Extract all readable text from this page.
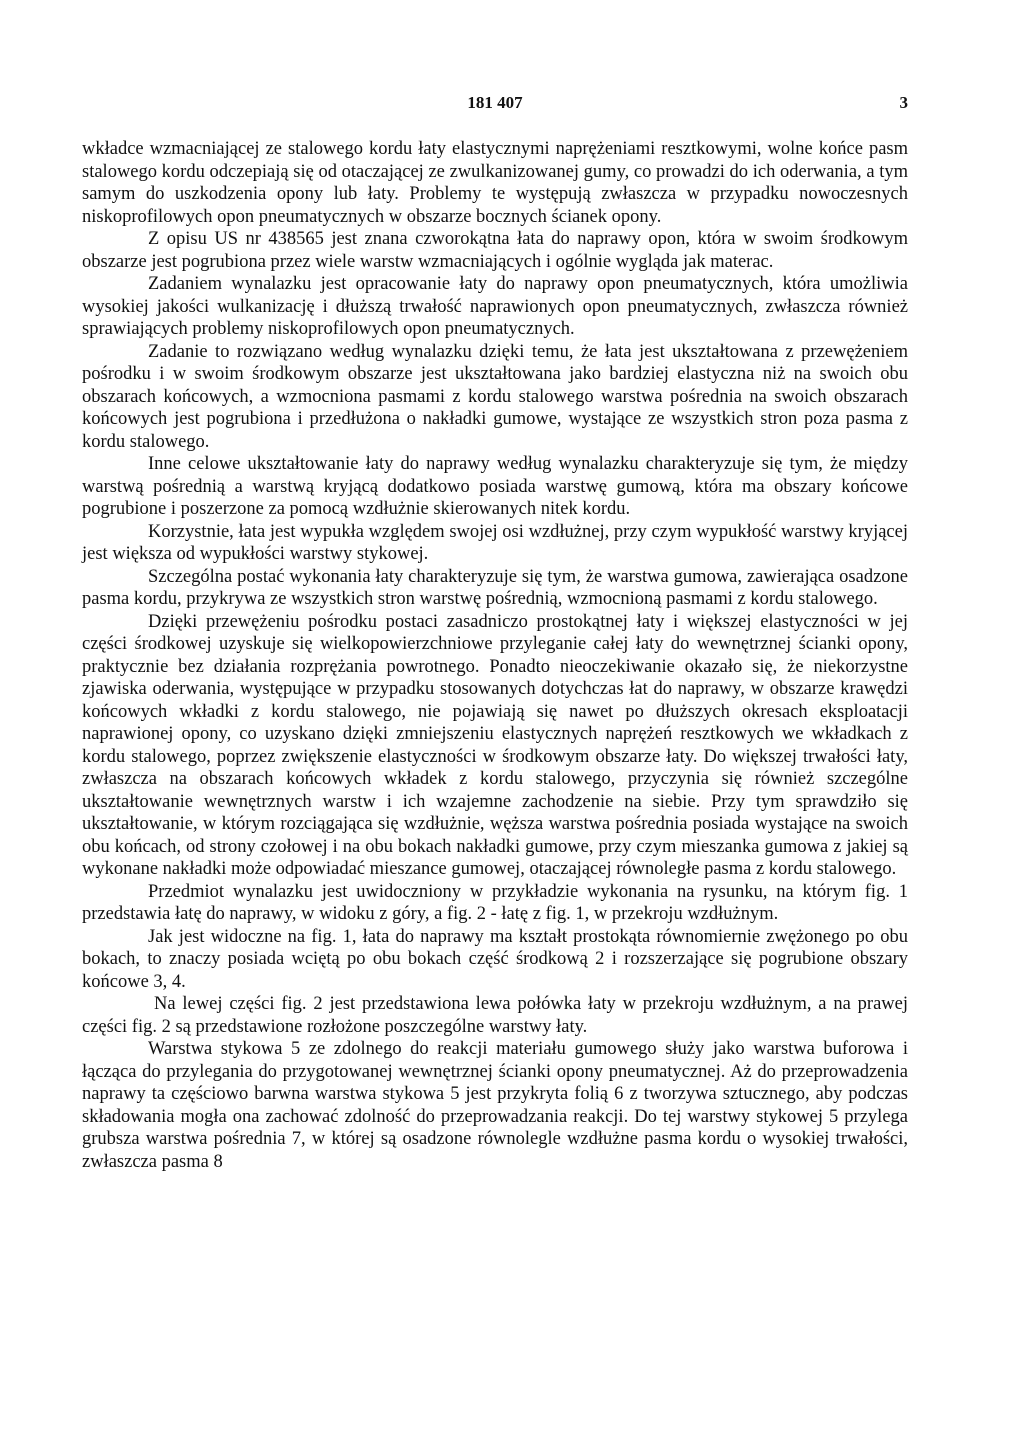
181 407	3

wkładce wzmacniającej ze stalowego kordu łaty elastycznymi naprężeniami resztkowymi, wolne końce pasm stalowego kordu odczepiają się od otaczającej ze zwulkanizowanej gumy, co prowadzi do ich oderwania, a tym samym do uszkodzenia opony lub łaty. Problemy te występują zwłaszcza w przypadku nowoczesnych niskoprofilowych opon pneumatycznych w obszarze bocznych ścianek opony.

Z opisu US nr 438565 jest znana czworokątna łata do naprawy opon, która w swoim środkowym obszarze jest pogrubiona przez wiele warstw wzmacniających i ogólnie wygląda jak materac.

Zadaniem wynalazku jest opracowanie łaty do naprawy opon pneumatycznych, która umożliwia wysokiej jakości wulkanizację i dłuższą trwałość naprawionych opon pneumatycznych, zwłaszcza również sprawiających problemy niskoprofilowych opon pneumatycznych.

Zadanie to rozwiązano według wynalazku dzięki temu, że łata jest ukształtowana z przewężeniem pośrodku i w swoim środkowym obszarze jest ukształtowana jako bardziej elastyczna niż na swoich obu obszarach końcowych, a wzmocniona pasmami z kordu stalowego warstwa pośrednia na swoich obszarach końcowych jest pogrubiona i przedłużona o nakładki gumowe, wystające ze wszystkich stron poza pasma z kordu stalowego.

Inne celowe ukształtowanie łaty do naprawy według wynalazku charakteryzuje się tym, że między warstwą pośrednią a warstwą kryjącą dodatkowo posiada warstwę gumową, która ma obszary końcowe pogrubione i poszerzone za pomocą wzdłużnie skierowanych nitek kordu.

Korzystnie, łata jest wypukła względem swojej osi wzdłużnej, przy czym wypukłość warstwy kryjącej jest większa od wypukłości warstwy stykowej.

Szczególna postać wykonania łaty charakteryzuje się tym, że warstwa gumowa, zawierająca osadzone pasma kordu, przykrywa ze wszystkich stron warstwę pośrednią, wzmocnioną pasmami z kordu stalowego.

Dzięki przewężeniu pośrodku postaci zasadniczo prostokątnej łaty i większej elastyczności w jej części środkowej uzyskuje się wielkopowierzchniowe przyleganie całej łaty do wewnętrznej ścianki opony, praktycznie bez działania rozprężania powrotnego. Ponadto nieoczekiwanie okazało się, że niekorzystne zjawiska oderwania, występujące w przypadku stosowanych dotychczas łat do naprawy, w obszarze krawędzi końcowych wkładki z kordu stalowego, nie pojawiają się nawet po dłuższych okresach eksploatacji naprawionej opony, co uzyskano dzięki zmniejszeniu elastycznych naprężeń resztkowych we wkładkach z kordu stalowego, poprzez zwiększenie elastyczności w środkowym obszarze łaty. Do większej trwałości łaty, zwłaszcza na obszarach końcowych wkładek z kordu stalowego, przyczynia się również szczególne ukształtowanie wewnętrznych warstw i ich wzajemne zachodzenie na siebie. Przy tym sprawdziło się ukształtowanie, w którym rozciągająca się wzdłużnie, węższa warstwa pośrednia posiada wystające na swoich obu końcach, od strony czołowej i na obu bokach nakładki gumowe, przy czym mieszanka gumowa z jakiej są wykonane nakładki może odpowiadać mieszance gumowej, otaczającej równoległe pasma z kordu stalowego.

Przedmiot wynalazku jest uwidoczniony w przykładzie wykonania na rysunku, na którym fig. 1 przedstawia łatę do naprawy, w widoku z góry, a fig. 2 - łatę z fig. 1, w przekroju wzdłużnym.

Jak jest widoczne na fig. 1, łata do naprawy ma kształt prostokąta równomiernie zwężonego po obu bokach, to znaczy posiada wciętą po obu bokach część środkową 2 i rozszerzające się pogrubione obszary końcowe 3, 4.

Na lewej części fig. 2 jest przedstawiona lewa połówka łaty w przekroju wzdłużnym, a na prawej części fig. 2 są przedstawione rozłożone poszczególne warstwy łaty.

Warstwa stykowa 5 ze zdolnego do reakcji materiału gumowego służy jako warstwa buforowa i łącząca do przylegania do przygotowanej wewnętrznej ścianki opony pneumatycznej. Aż do przeprowadzenia naprawy ta częściowo barwna warstwa stykowa 5 jest przykryta folią 6 z tworzywa sztucznego, aby podczas składowania mogła ona zachować zdolność do przeprowadzania reakcji. Do tej warstwy stykowej 5 przylega grubsza warstwa pośrednia 7, w której są osadzone równolegle wzdłużne pasma kordu o wysokiej trwałości, zwłaszcza pasma 8
